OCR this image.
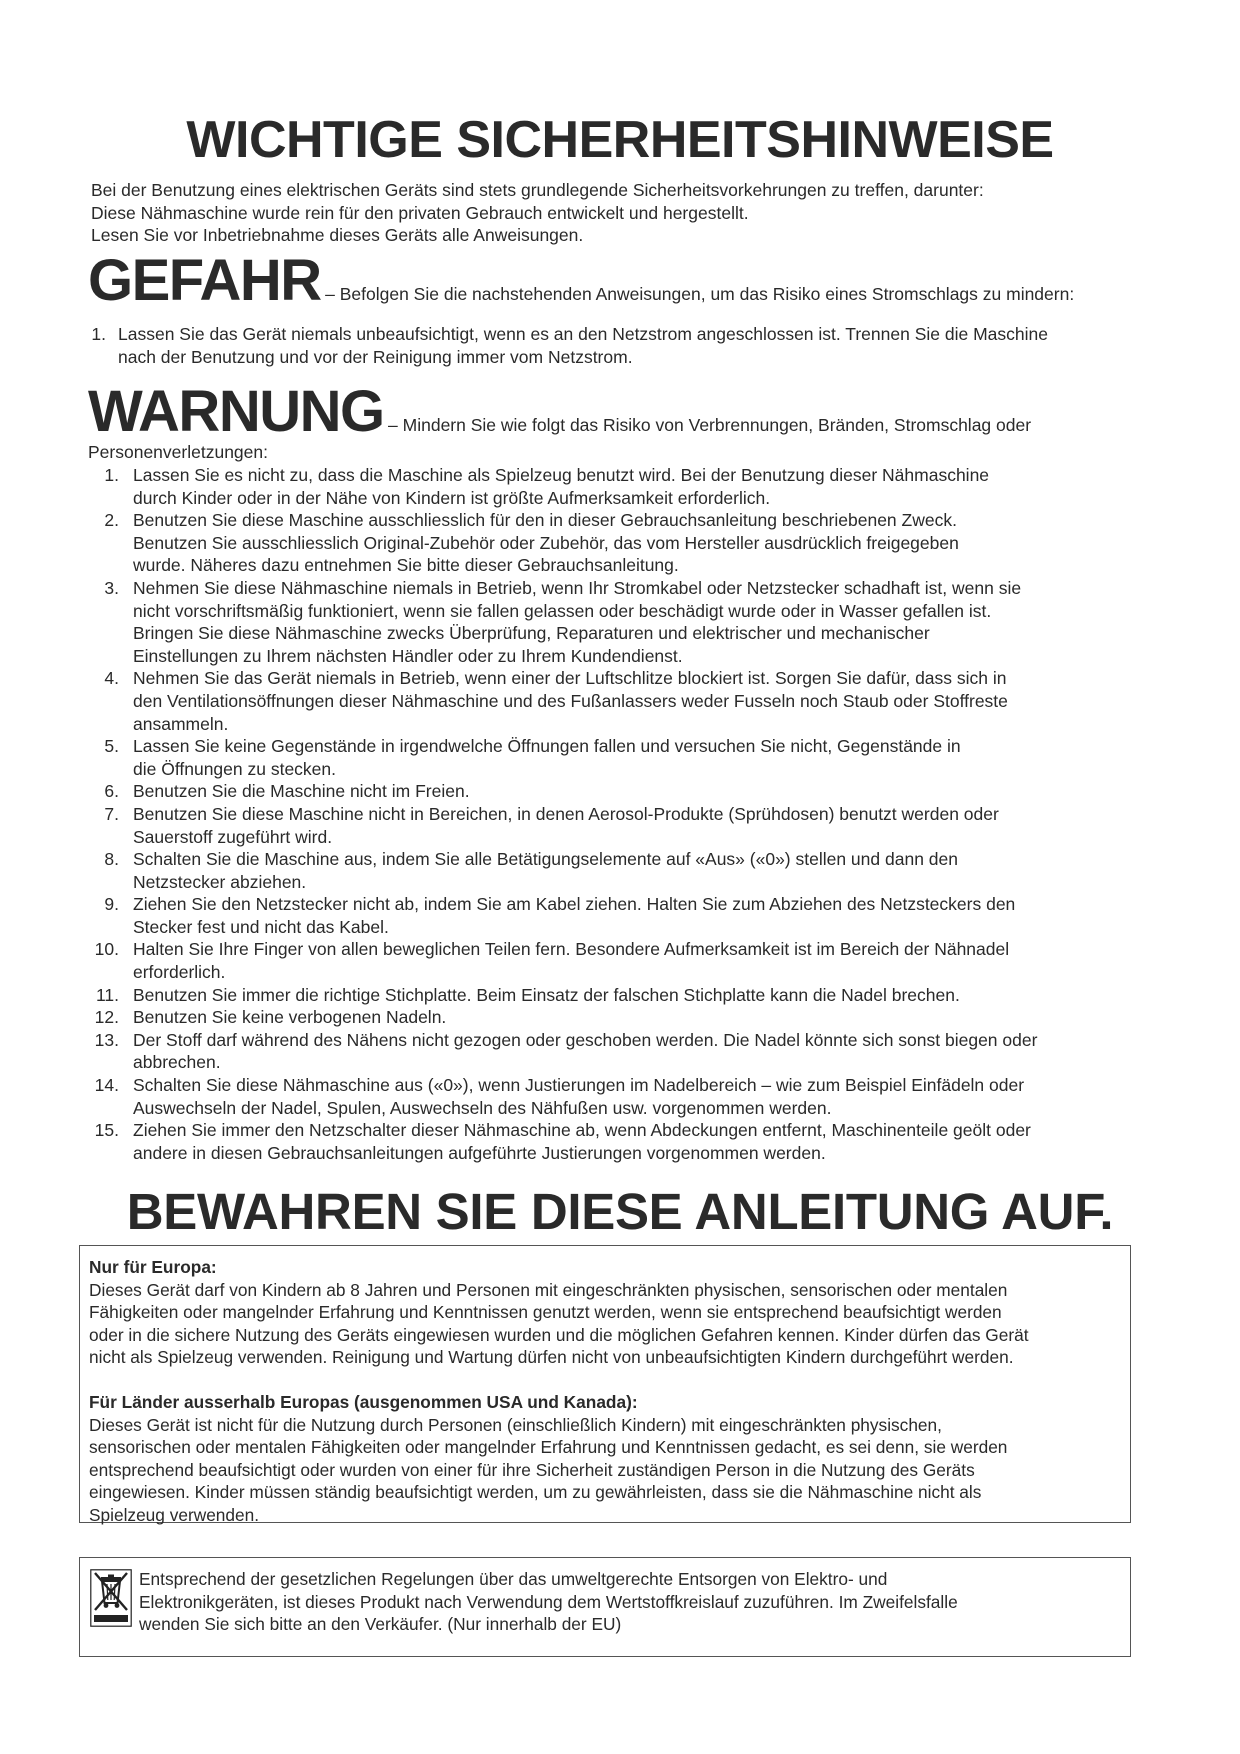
WICHTIGE SICHERHEITSHINWEISE
Bei der Benutzung eines elektrischen Geräts sind stets grundlegende Sicherheitsvorkehrungen zu treffen, darunter:
Diese Nähmaschine wurde rein für den privaten Gebrauch entwickelt und hergestellt.
Lesen Sie vor Inbetriebnahme dieses Geräts alle Anweisungen.
GEFAHR – Befolgen Sie die nachstehenden Anweisungen, um das Risiko eines Stromschlags zu mindern:
1. Lassen Sie das Gerät niemals unbeaufsichtigt, wenn es an den Netzstrom angeschlossen ist. Trennen Sie die Maschine
nach der Benutzung und vor der Reinigung immer vom Netzstrom.
WARNUNG – Mindern Sie wie folgt das Risiko von Verbrennungen, Bränden, Stromschlag oder
Personenverletzungen:
1. Lassen Sie es nicht zu, dass die Maschine als Spielzeug benutzt wird. Bei der Benutzung dieser Nähmaschine
durch Kinder oder in der Nähe von Kindern ist größte Aufmerksamkeit erforderlich.
2. Benutzen Sie diese Maschine ausschliesslich für den in dieser Gebrauchsanleitung beschriebenen Zweck.
Benutzen Sie ausschliesslich Original-Zubehör oder Zubehör, das vom Hersteller ausdrücklich freigegeben
wurde. Näheres dazu entnehmen Sie bitte dieser Gebrauchsanleitung.
3. Nehmen Sie diese Nähmaschine niemals in Betrieb, wenn Ihr Stromkabel oder Netzstecker schadhaft ist, wenn sie
nicht vorschriftsmäßig funktioniert, wenn sie fallen gelassen oder beschädigt wurde oder in Wasser gefallen ist.
Bringen Sie diese Nähmaschine zwecks Überprüfung, Reparaturen und elektrischer und mechanischer
Einstellungen zu Ihrem nächsten Händler oder zu Ihrem Kundendienst.
4. Nehmen Sie das Gerät niemals in Betrieb, wenn einer der Luftschlitze blockiert ist. Sorgen Sie dafür, dass sich in
den Ventilationsöffnungen dieser Nähmaschine und des Fußanlassers weder Fusseln noch Staub oder Stoffreste
ansammeln.
5. Lassen Sie keine Gegenstände in irgendwelche Öffnungen fallen und versuchen Sie nicht, Gegenstände in
die Öffnungen zu stecken.
6. Benutzen Sie die Maschine nicht im Freien.
7. Benutzen Sie diese Maschine nicht in Bereichen, in denen Aerosol-Produkte (Sprühdosen) benutzt werden oder
Sauerstoff zugeführt wird.
8. Schalten Sie die Maschine aus, indem Sie alle Betätigungselemente auf «Aus» («0») stellen und dann den
Netzstecker abziehen.
9. Ziehen Sie den Netzstecker nicht ab, indem Sie am Kabel ziehen. Halten Sie zum Abziehen des Netzsteckers den
Stecker fest und nicht das Kabel.
10. Halten Sie Ihre Finger von allen beweglichen Teilen fern. Besondere Aufmerksamkeit ist im Bereich der Nähnadel
erforderlich.
11. Benutzen Sie immer die richtige Stichplatte. Beim Einsatz der falschen Stichplatte kann die Nadel brechen.
12. Benutzen Sie keine verbogenen Nadeln.
13. Der Stoff darf während des Nähens nicht gezogen oder geschoben werden. Die Nadel könnte sich sonst biegen oder
abbrechen.
14. Schalten Sie diese Nähmaschine aus («0»), wenn Justierungen im Nadelbereich – wie zum Beispiel Einfädeln oder
Auswechseln der Nadel, Spulen, Auswechseln des Nähfußen usw. vorgenommen werden.
15. Ziehen Sie immer den Netzschalter dieser Nähmaschine ab, wenn Abdeckungen entfernt, Maschinenteile geölt oder
andere in diesen Gebrauchsanleitungen aufgeführte Justierungen vorgenommen werden.
BEWAHREN SIE DIESE ANLEITUNG AUF.

Nur für Europa:

Dieses Gerät darf von Kindern ab 8 Jahren und Personen mit eingeschränkten physischen, sensorischen oder mentalen

Fähigkeiten oder mangelnder Erfahrung und Kenntnissen genutzt werden, wenn sie entsprechend beaufsichtigt werden

oder in die sichere Nutzung des Geräts eingewiesen wurden und die möglichen Gefahren kennen. Kinder dürfen das Gerät

nicht als Spielzeug verwenden. Reinigung und Wartung dürfen nicht von unbeaufsichtigten Kindern durchgeführt werden.

Für Länder ausserhalb Europas (ausgenommen USA und Kanada):

Dieses Gerät ist nicht für die Nutzung durch Personen (einschließlich Kindern) mit eingeschränkten physischen,

sensorischen oder mentalen Fähigkeiten oder mangelnder Erfahrung und Kenntnissen gedacht, es sei denn, sie werden

entsprechend beaufsichtigt oder wurden von einer für ihre Sicherheit zuständigen Person in die Nutzung des Geräts

eingewiesen. Kinder müssen ständig beaufsichtigt werden, um zu gewährleisten, dass sie die Nähmaschine nicht als

Spielzeug verwenden.

Entsprechend der gesetzlichen Regelungen über das umweltgerechte Entsorgen von Elektro- und
Elektronikgeräten, ist dieses Produkt nach Verwendung dem Wertstoffkreislauf zuzuführen. Im Zweifelsfalle
wenden Sie sich bitte an den Verkäufer. (Nur innerhalb der EU)
